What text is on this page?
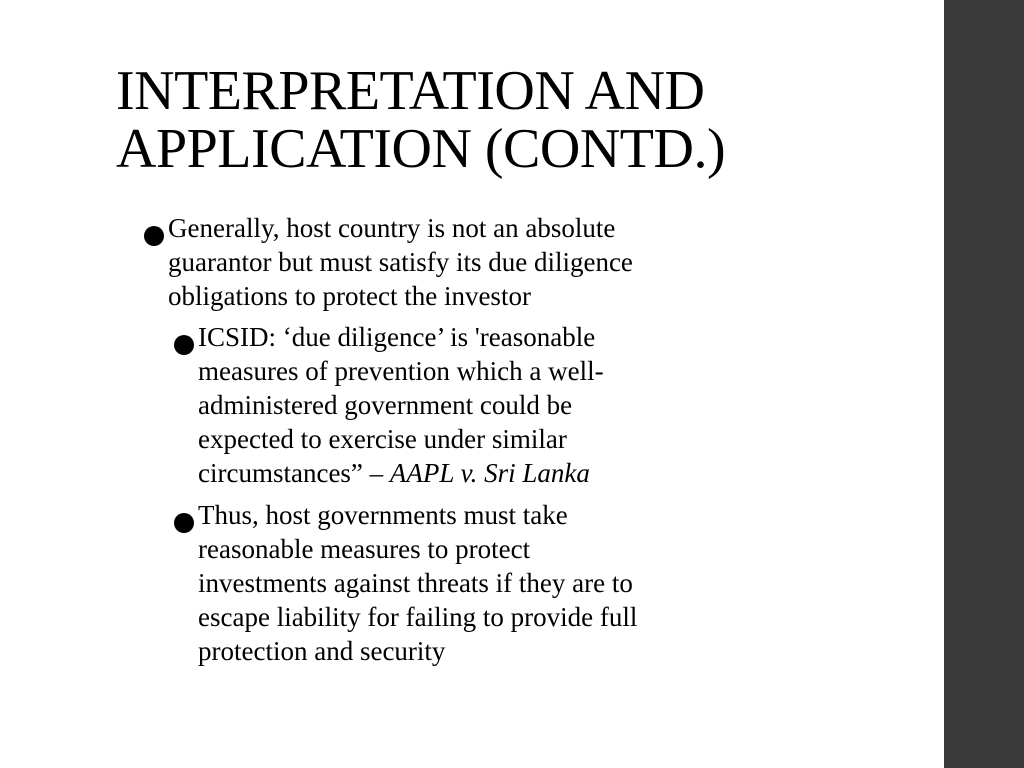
INTERPRETATION AND
APPLICATION (CONTD.)
Generally, host country is not an absolute
guarantor but must satisfy its due diligence
obligations to protect the investor
ICSID: ‘due diligence’ is 'reasonable
measures of prevention which a well-
administered government could be
expected to exercise under similar
circumstances” – AAPL v. Sri Lanka
Thus, host governments must take
reasonable measures to protect
investments against threats if they are to
escape liability for failing to provide full
protection and security
